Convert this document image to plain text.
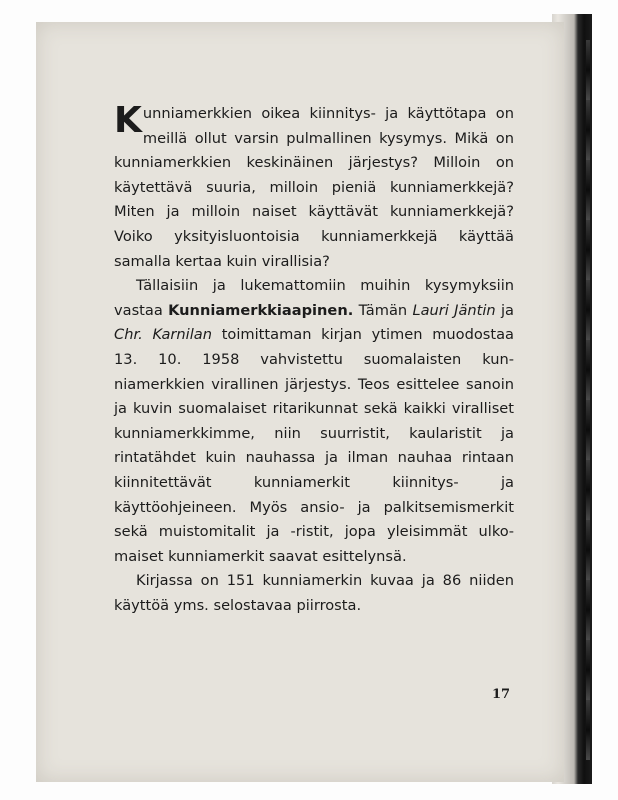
Kunniamerkkien oikea kiinnitys- ja käyttötapa on meillä ollut varsin pulmallinen kysymys. Mikä on kunniamerkkien keskinäinen järjestys? Milloin on käytettävä suuria, milloin pieniä kunniamerkkejä? Miten ja milloin naiset käyttävät kunniamerkkejä? Voiko yksityisluontoisia kunniamerkkejä käyttää samalla kertaa kuin virallisia?

Tällaisiin ja lukemattomiin muihin kysymyksiin vastaa Kunniamerkkiaapinen. Tämän Lauri Jäntin ja Chr. Karnilan toimittaman kirjan ytimen muodostaa 13. 10. 1958 vahvistettu suomalaisten kunniamerkkien virallinen järjestys. Teos esittelee sanoin ja kuvin suomalaiset ritarikunnat sekä kaikki viralliset kunniamerkkimme, niin suurristit, kaularistit ja rintatähdet kuin nauhassa ja ilman nauhaa rintaan kiinnitettävät kunniamerkit kiinnitys- ja käyttöohjeineen. Myös ansio- ja palkitsemismerkit sekä muistomitalit ja -ristit, jopa yleisimmät ulkomaiset kunniamerkit saavat esittelynsä.

Kirjassa on 151 kunniamerkin kuvaa ja 86 niiden käyttöä yms. selostavaa piirrosta.

17
